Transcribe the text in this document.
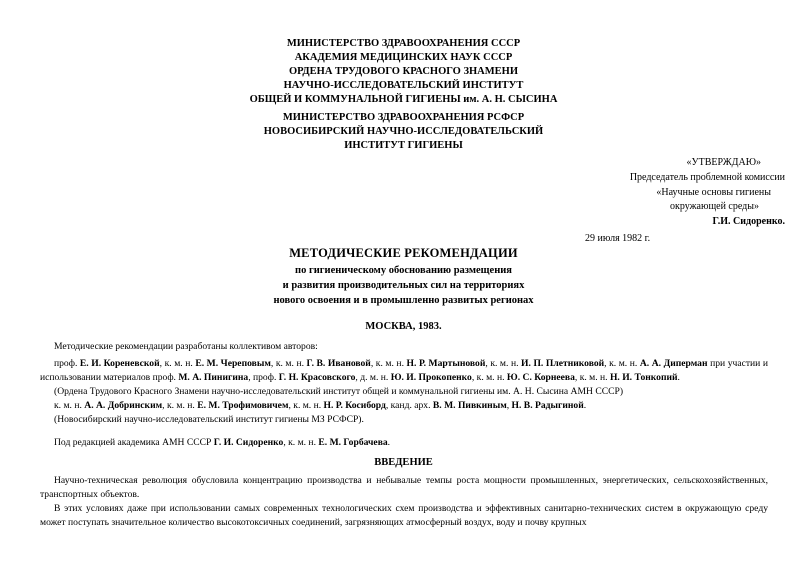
МИНИСТЕРСТВО ЗДРАВООХРАНЕНИЯ СССР
АКАДЕМИЯ МЕДИЦИНСКИХ НАУК СССР
ОРДЕНА ТРУДОВОГО КРАСНОГО ЗНАМЕНИ
НАУЧНО-ИССЛЕДОВАТЕЛЬСКИЙ ИНСТИТУТ
ОБЩЕЙ И КОММУНАЛЬНОЙ ГИГИЕНЫ им. А. Н. СЫСИНА
МИНИСТЕРСТВО ЗДРАВООХРАНЕНИЯ РСФСР
НОВОСИБИРСКИЙ НАУЧНО-ИССЛЕДОВАТЕЛЬСКИЙ
ИНСТИТУТ ГИГИЕНЫ
«УТВЕРЖДАЮ»
Председатель проблемной комиссии
«Научные основы гигиены
окружающей среды»
Г.И. Сидоренко.
29 июля 1982 г.
МЕТОДИЧЕСКИЕ РЕКОМЕНДАЦИИ
по гигиеническому обоснованию размещения
и развития производительных сил на территориях
нового освоения и в промышленно развитых регионах
МОСКВА, 1983.

Методические рекомендации разработаны коллективом авторов:

проф. Е. И. Кореневской, к. м. н. Е. М. Череповым, к. м. н. Г. В. Ивановой, к. м. н. Н. Р. Мартыновой, к. м. н. И. П. Плетниковой, к. м. н. А. А. Диперман при участии и использовании материалов проф. М. А. Пинигина, проф. Г. Н. Красовского, д. м. н. Ю. И. Прокопенко, к. м. н. Ю. С. Корнеева, к. м. н. Н. И. Тонкопий.

(Ордена Трудового Красного Знамени научно-исследовательский институт общей и коммунальной гигиены им. А. Н. Сысина АМН СССР)

к. м. н. А. А. Добринским, к. м. н. Е. М. Трофимовичем, к. м. н. Н. Р. Косиборд, канд. арх. В. М. Пивкиным, Н. В. Радыгиной.

(Новосибирский научно-исследовательский институт гигиены МЗ РСФСР).

Под редакцией академика АМН СССР Г. И. Сидоренко, к. м. н. Е. М. Горбачева.

ВВЕДЕНИЕ

Научно-техническая революция обусловила концентрацию производства и небывалые темпы роста мощности промышленных, энергетических, сельскохозяйственных, транспортных объектов.

В этих условиях даже при использовании самых современных технологических схем производства и эффективных санитарно-технических систем в окружающую среду может поступать значительное количество высокотоксичных соединений, загрязняющих атмосферный воздух, воду и почву крупных
